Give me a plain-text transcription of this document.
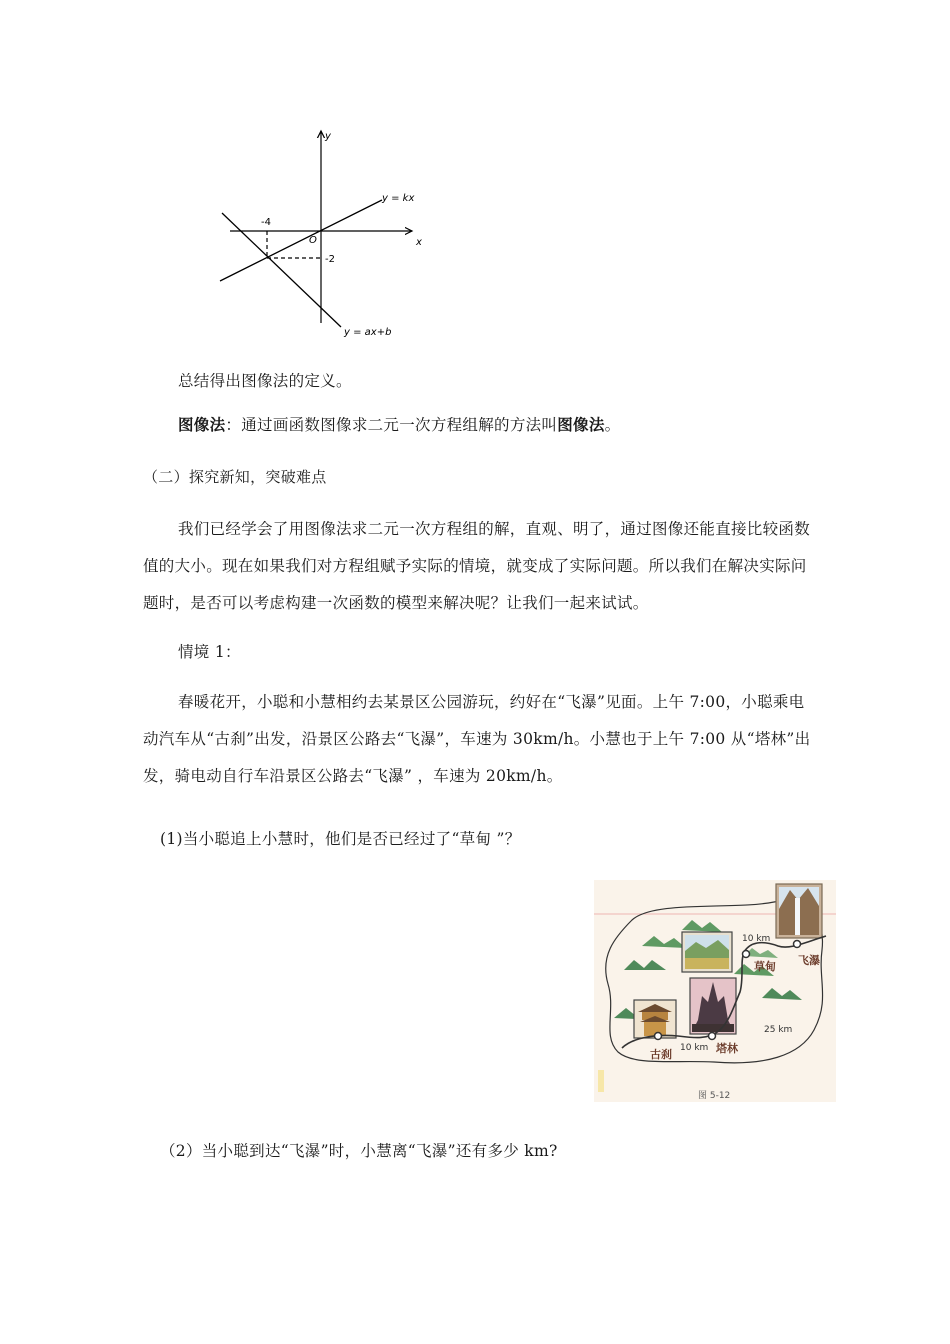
y
x
O
-4
-2
y = kx
y = ax+b
总结得出图像法的定义。
图像法：通过画函数图像求二元一次方程组解的方法叫图像法。
（二）探究新知，突破难点
我们已经学会了用图像法求二元一次方程组的解，直观、明了，通过图像还能直接比较函数值的大小。现在如果我们对方程组赋予实际的情境，就变成了实际问题。所以我们在解决实际问题时，是否可以考虑构建一次函数的模型来解决呢？让我们一起来试试。
情境 1：
春暖花开，小聪和小慧相约去某景区公园游玩，约好在“飞瀑”见面。上午 7:00，小聪乘电动汽车从“古刹”出发，沿景区公路去“飞瀑”，车速为 30km/h。小慧也于上午 7:00 从“塔林”出发，骑电动自行车沿景区公路去“飞瀑” ，车速为 20km/h。
(1)当小聪追上小慧时，他们是否已经过了“草甸 ”？
10 km
草甸 飞瀑
25 km
10 km
古刹	塔林
图 5-12
（2）当小聪到达“飞瀑”时，小慧离“飞瀑”还有多少 km?
